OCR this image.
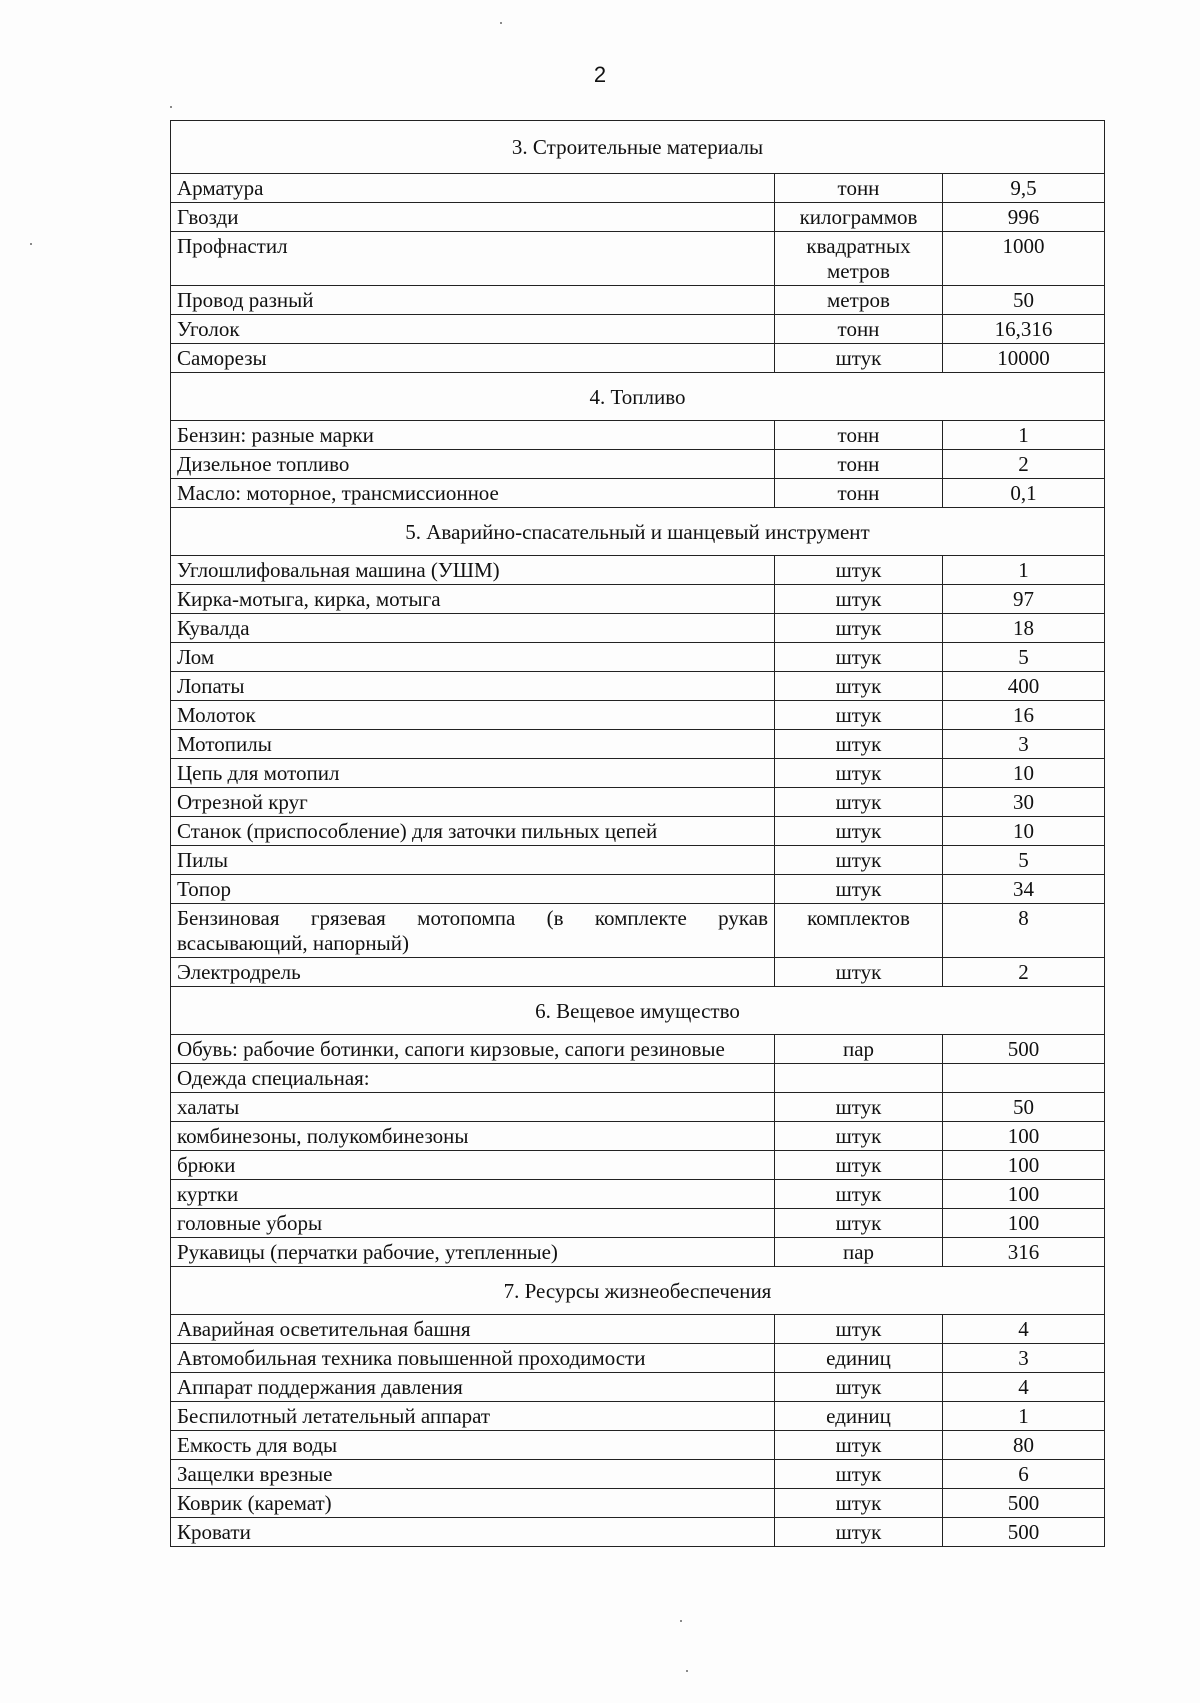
2
3. Строительные материалы		
Арматура	тонн	9,5
Гвозди	килограммов	996
Профнастил	квадратных метров	1000
Провод разный	метров	50
Уголок	тонн	16,316
Саморезы	штук	10000
4. Топливо		
Бензин: разные марки	тонн	1
Дизельное топливо	тонн	2
Масло: моторное, трансмиссионное	тонн	0,1
5. Аварийно-спасательный и шанцевый инструмент		
Углошлифовальная машина (УШМ)	штук	1
Кирка-мотыга, кирка, мотыга	штук	97
Кувалда	штук	18
Лом	штук	5
Лопаты	штук	400
Молоток	штук	16
Мотопилы	штук	3
Цепь для мотопил	штук	10
Отрезной круг	штук	30
Станок (приспособление) для заточки пильных цепей	штук	10
Пилы	штук	5
Топор	штук	34
Бензиновая грязевая мотопомпа (в комплекте рукав всасывающий, напорный)	комплектов	8
Электродрель	штук	2
6. Вещевое имущество		
Обувь: рабочие ботинки, сапоги кирзовые, сапоги резиновые	пар	500
Одежда специальная:		
халаты	штук	50
комбинезоны, полукомбинезоны	штук	100
брюки	штук	100
куртки	штук	100
головные уборы	штук	100
Рукавицы (перчатки рабочие, утепленные)	пар	316
7. Ресурсы жизнеобеспечения		
Аварийная осветительная башня	штук	4
Автомобильная техника повышенной проходимости	единиц	3
Аппарат поддержания давления	штук	4
Беспилотный летательный аппарат	единиц	1
Емкость для воды	штук	80
Защелки врезные	штук	6
Коврик (каремат)	штук	500
Кровати	штук	500
